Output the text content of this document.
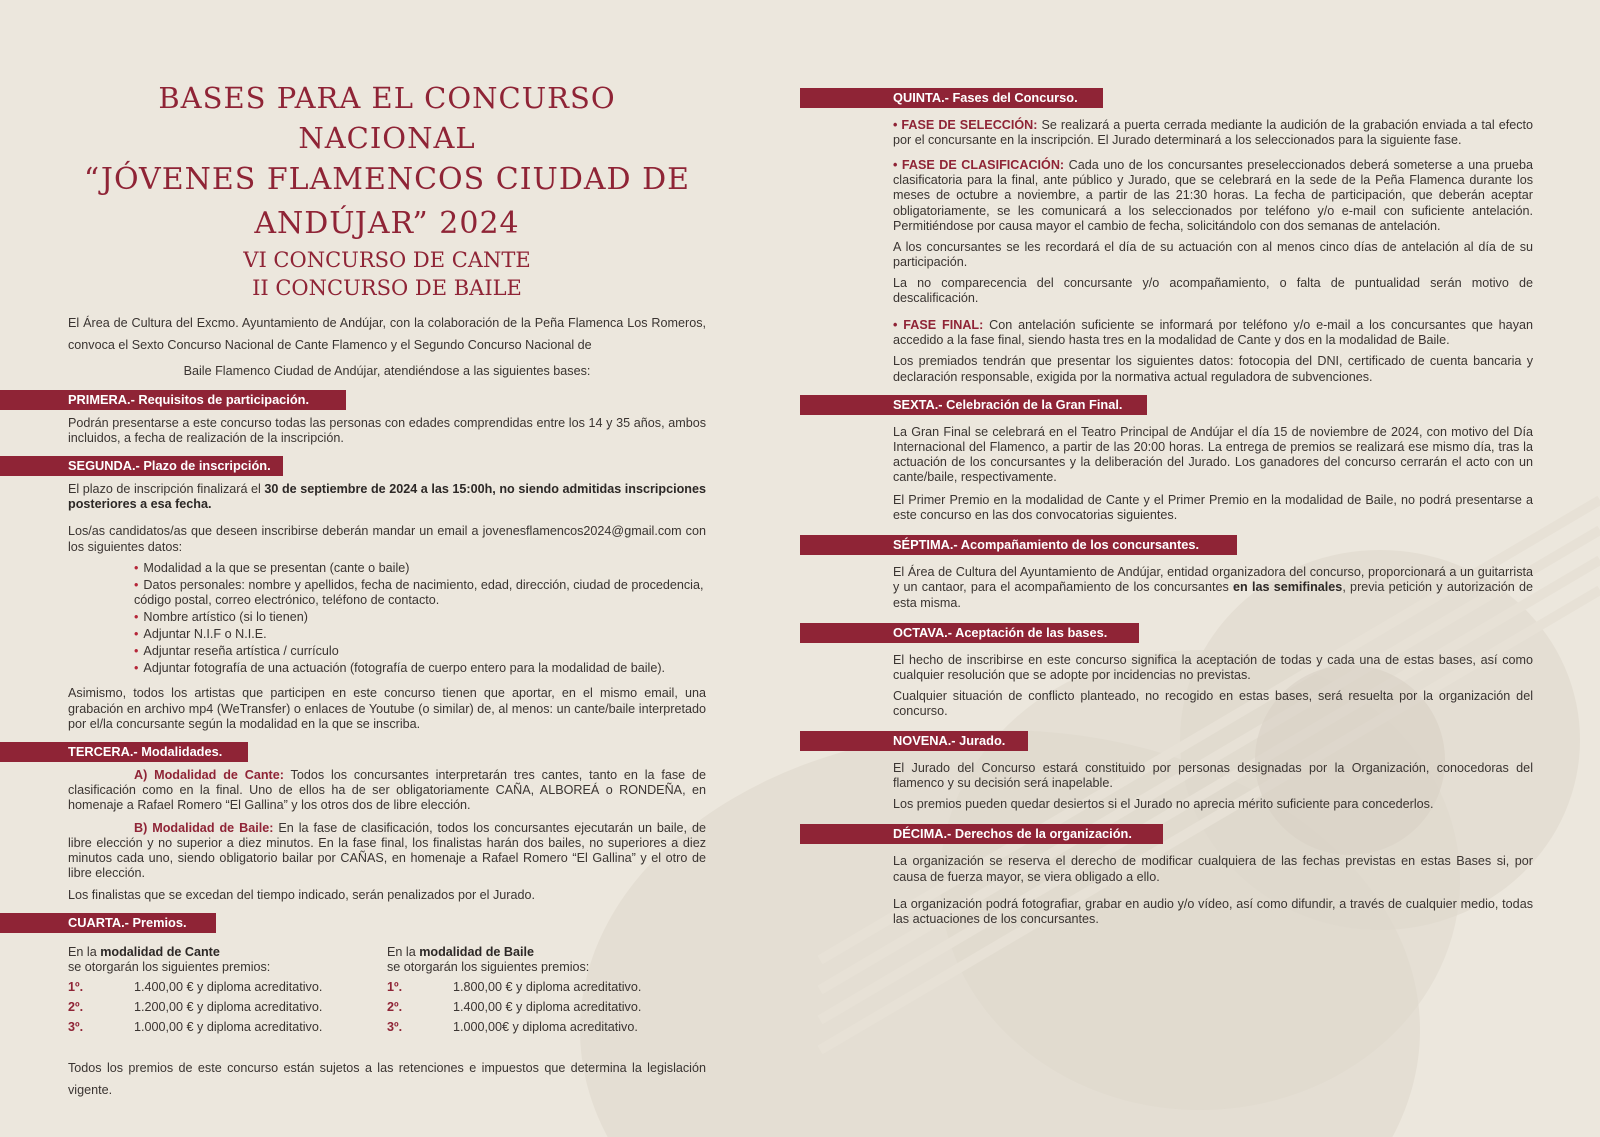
BASES PARA EL CONCURSO NACIONAL
“JÓVENES FLAMENCOS CIUDAD DE ANDÚJAR” 2024
VI CONCURSO DE CANTE
II CONCURSO DE BAILE
El Área de Cultura del Excmo. Ayuntamiento de Andújar, con la colaboración de la Peña Flamenca Los Romeros, convoca el Sexto Concurso Nacional de Cante Flamenco y el Segundo Concurso Nacional de
Baile Flamenco Ciudad de Andújar, atendiéndose a las siguientes bases:
PRIMERA.- Requisitos de participación.

Podrán presentarse a este concurso todas las personas con edades comprendidas entre los 14 y 35 años, ambos incluidos, a fecha de realización de la inscripción.

SEGUNDA.- Plazo de inscripción.

El plazo de inscripción finalizará el 30 de septiembre de 2024 a las 15:00h, no siendo admitidas inscripciones posteriores a esa fecha.

Los/as candidatos/as que deseen inscribirse deberán mandar un email a jovenesflamencos2024@gmail.com con los siguientes datos:

• Modalidad a la que se presentan (cante o baile)
• Datos personales: nombre y apellidos, fecha de nacimiento, edad, dirección, ciudad de procedencia, código postal, correo electrónico, teléfono de contacto.
• Nombre artístico (si lo tienen)
• Adjuntar N.I.F o N.I.E.
• Adjuntar reseña artística / currículo
• Adjuntar fotografía de una actuación (fotografía de cuerpo entero para la modalidad de baile).

Asimismo, todos los artistas que participen en este concurso tienen que aportar, en el mismo email, una grabación en archivo mp4 (WeTransfer) o enlaces de Youtube (o similar) de, al menos: un cante/baile interpretado por el/la concursante según la modalidad en la que se inscriba.

TERCERA.- Modalidades.

A) Modalidad de Cante: Todos los concursantes interpretarán tres cantes, tanto en la fase de clasificación como en la final. Uno de ellos ha de ser obligatoriamente CAÑA, ALBOREÁ o RONDEÑA, en homenaje a Rafael Romero “El Gallina” y los otros dos de libre elección.

B) Modalidad de Baile: En la fase de clasificación, todos los concursantes ejecutarán un baile, de libre elección y no superior a diez minutos. En la fase final, los finalistas harán dos bailes, no superiores a diez minutos cada uno, siendo obligatorio bailar por CAÑAS, en homenaje a Rafael Romero “El Gallina” y el otro de libre elección.

Los finalistas que se excedan del tiempo indicado, serán penalizados por el Jurado.

CUARTA.- Premios.
En la modalidad de Cante
se otorgarán los siguientes premios:
1º.	1.400,00 € y diploma acreditativo.
2º.	1.200,00 € y diploma acreditativo.
3º.	1.000,00 € y diploma acreditativo.
En la modalidad de Baile
se otorgarán los siguientes premios:
1º.	1.800,00 € y diploma acreditativo.
2º.	1.400,00 € y diploma acreditativo.
3º.	1.000,00€ y diploma acreditativo.

Todos los premios de este concurso están sujetos a las retenciones e impuestos que determina la legislación vigente.

QUINTA.- Fases del Concurso.

• FASE DE SELECCIÓN: Se realizará a puerta cerrada mediante la audición de la grabación enviada a tal efecto por el concursante en la inscripción. El Jurado determinará a los seleccionados para la siguiente fase.

• FASE DE CLASIFICACIÓN: Cada uno de los concursantes preseleccionados deberá someterse a una prueba clasificatoria para la final, ante público y Jurado, que se celebrará en la sede de la Peña Flamenca durante los meses de octubre a noviembre, a partir de las 21:30 horas. La fecha de participación, que deberán aceptar obligatoriamente, se les comunicará a los seleccionados por teléfono y/o e-mail con suficiente antelación. Permitiéndose por causa mayor el cambio de fecha, solicitándolo con dos semanas de antelación.

A los concursantes se les recordará el día de su actuación con al menos cinco días de antelación al día de su participación.

La no comparecencia del concursante y/o acompañamiento, o falta de puntualidad serán motivo de descalificación.

• FASE FINAL: Con antelación suficiente se informará por teléfono y/o e-mail a los concursantes que hayan accedido a la fase final, siendo hasta tres en la modalidad de Cante y dos en la modalidad de Baile.

Los premiados tendrán que presentar los siguientes datos: fotocopia del DNI, certificado de cuenta bancaria y declaración responsable, exigida por la normativa actual reguladora de subvenciones.

SEXTA.- Celebración de la Gran Final.

La Gran Final se celebrará en el Teatro Principal de Andújar el día 15 de noviembre de 2024, con motivo del Día Internacional del Flamenco, a partir de las 20:00 horas. La entrega de premios se realizará ese mismo día, tras la actuación de los concursantes y la deliberación del Jurado. Los ganadores del concurso cerrarán el acto con un cante/baile, respectivamente.

El Primer Premio en la modalidad de Cante y el Primer Premio en la modalidad de Baile, no podrá presentarse a este concurso en las dos convocatorias siguientes.

SÉPTIMA.- Acompañamiento de los concursantes.

El Área de Cultura del Ayuntamiento de Andújar, entidad organizadora del concurso, proporcionará a un guitarrista y un cantaor, para el acompañamiento de los concursantes en las semifinales, previa petición y autorización de esta misma.

OCTAVA.- Aceptación de las bases.

El hecho de inscribirse en este concurso significa la aceptación de todas y cada una de estas bases, así como cualquier resolución que se adopte por incidencias no previstas.

Cualquier situación de conflicto planteado, no recogido en estas bases, será resuelta por la organización del concurso.

NOVENA.- Jurado.

El Jurado del Concurso estará constituido por personas designadas por la Organización, conocedoras del flamenco y su decisión será inapelable.

Los premios pueden quedar desiertos si el Jurado no aprecia mérito suficiente para concederlos.

DÉCIMA.- Derechos de la organización.

La organización se reserva el derecho de modificar cualquiera de las fechas previstas en estas Bases si, por causa de fuerza mayor, se viera obligado a ello.

La organización podrá fotografiar, grabar en audio y/o vídeo, así como difundir, a través de cualquier medio, todas las actuaciones de los concursantes.
